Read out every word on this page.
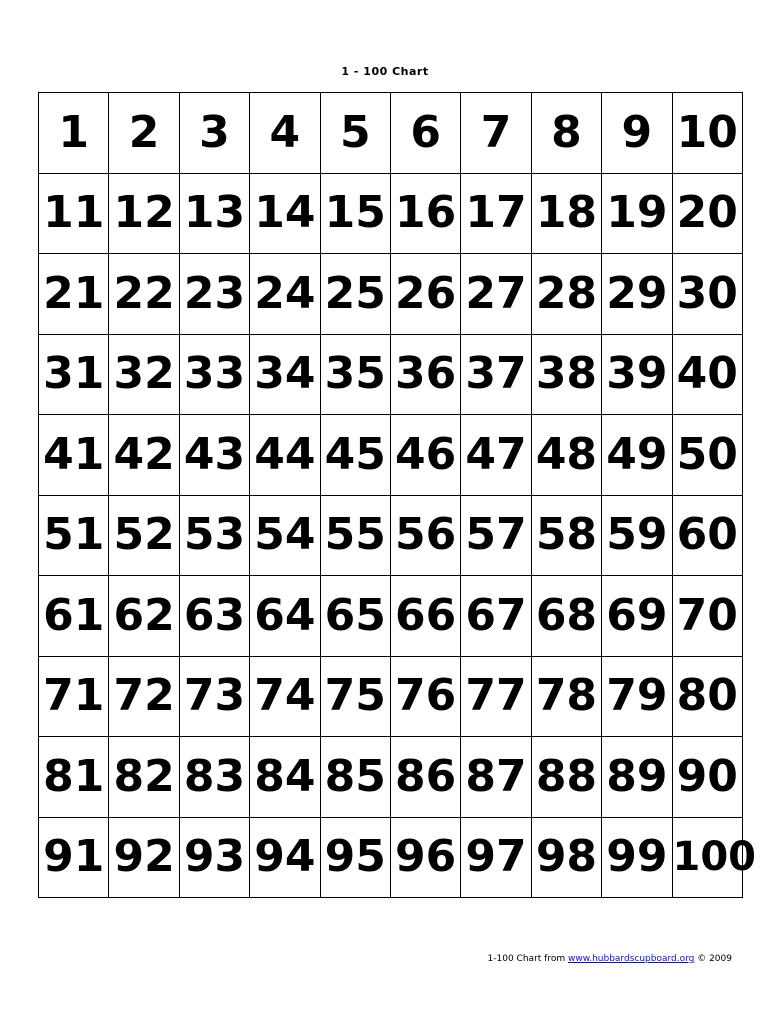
1 - 100 Chart
1	2	3	4	5	6	7	8	9	10
11	12	13	14	15	16	17	18	19	20
21	22	23	24	25	26	27	28	29	30
31	32	33	34	35	36	37	38	39	40
41	42	43	44	45	46	47	48	49	50
51	52	53	54	55	56	57	58	59	60
61	62	63	64	65	66	67	68	69	70
71	72	73	74	75	76	77	78	79	80
81	82	83	84	85	86	87	88	89	90
91	92	93	94	95	96	97	98	99	100
1-100 Chart from www.hubbardscupboard.org © 2009
